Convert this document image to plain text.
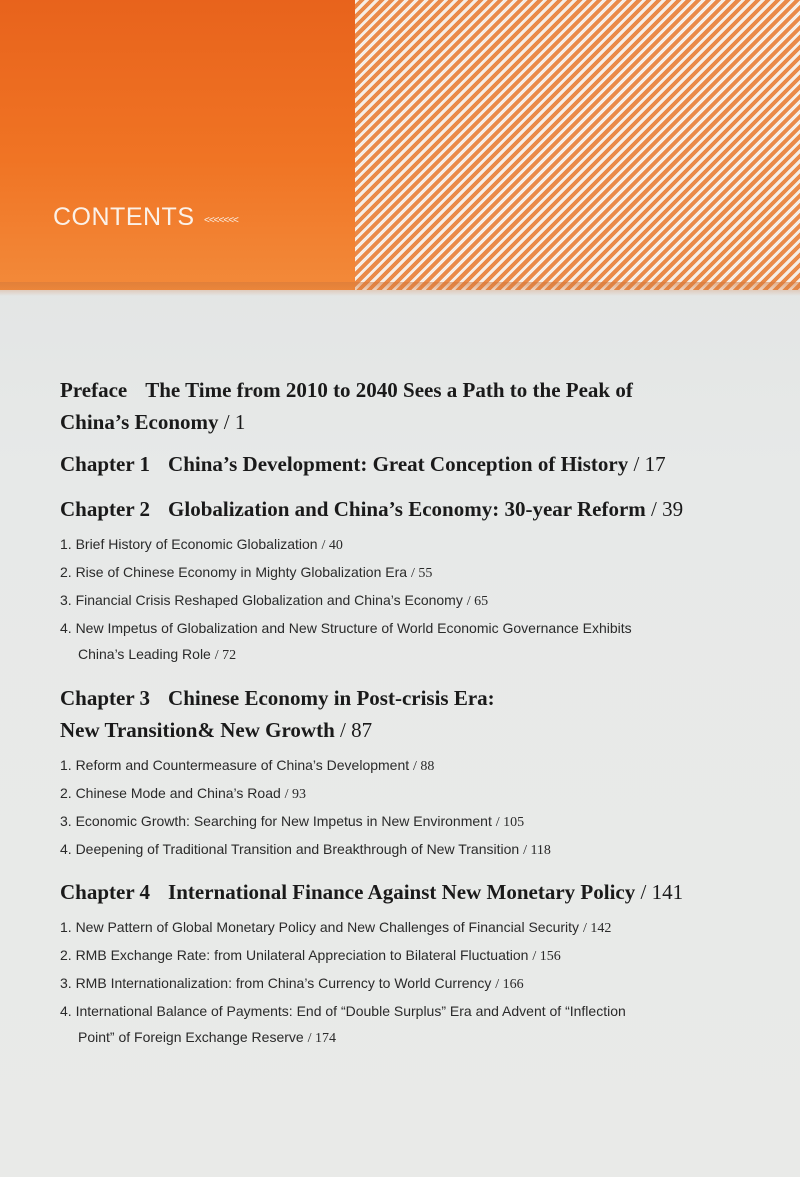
CONTENTS <<<<<<<

Preface The Time from 2010 to 2040 Sees a Path to the Peak of
China’s Economy / 1

Chapter 1 China’s Development: Great Conception of History / 17

Chapter 2 Globalization and China’s Economy: 30-year Reform / 39

1. Brief History of Economic Globalization / 40
2. Rise of Chinese Economy in Mighty Globalization Era / 55
3. Financial Crisis Reshaped Globalization and China’s Economy / 65
4. New Impetus of Globalization and New Structure of World Economic Governance Exhibits
China’s Leading Role / 72

Chapter 3 Chinese Economy in Post-crisis Era:
New Transition& New Growth / 87

1. Reform and Countermeasure of China’s Development / 88
2. Chinese Mode and China’s Road / 93
3. Economic Growth: Searching for New Impetus in New Environment / 105
4. Deepening of Traditional Transition and Breakthrough of New Transition / 118

Chapter 4 International Finance Against New Monetary Policy / 141

1. New Pattern of Global Monetary Policy and New Challenges of Financial Security / 142
2. RMB Exchange Rate: from Unilateral Appreciation to Bilateral Fluctuation / 156
3. RMB Internationalization: from China’s Currency to World Currency / 166
4. International Balance of Payments: End of “Double Surplus” Era and Advent of “Inflection
Point” of Foreign Exchange Reserve / 174
